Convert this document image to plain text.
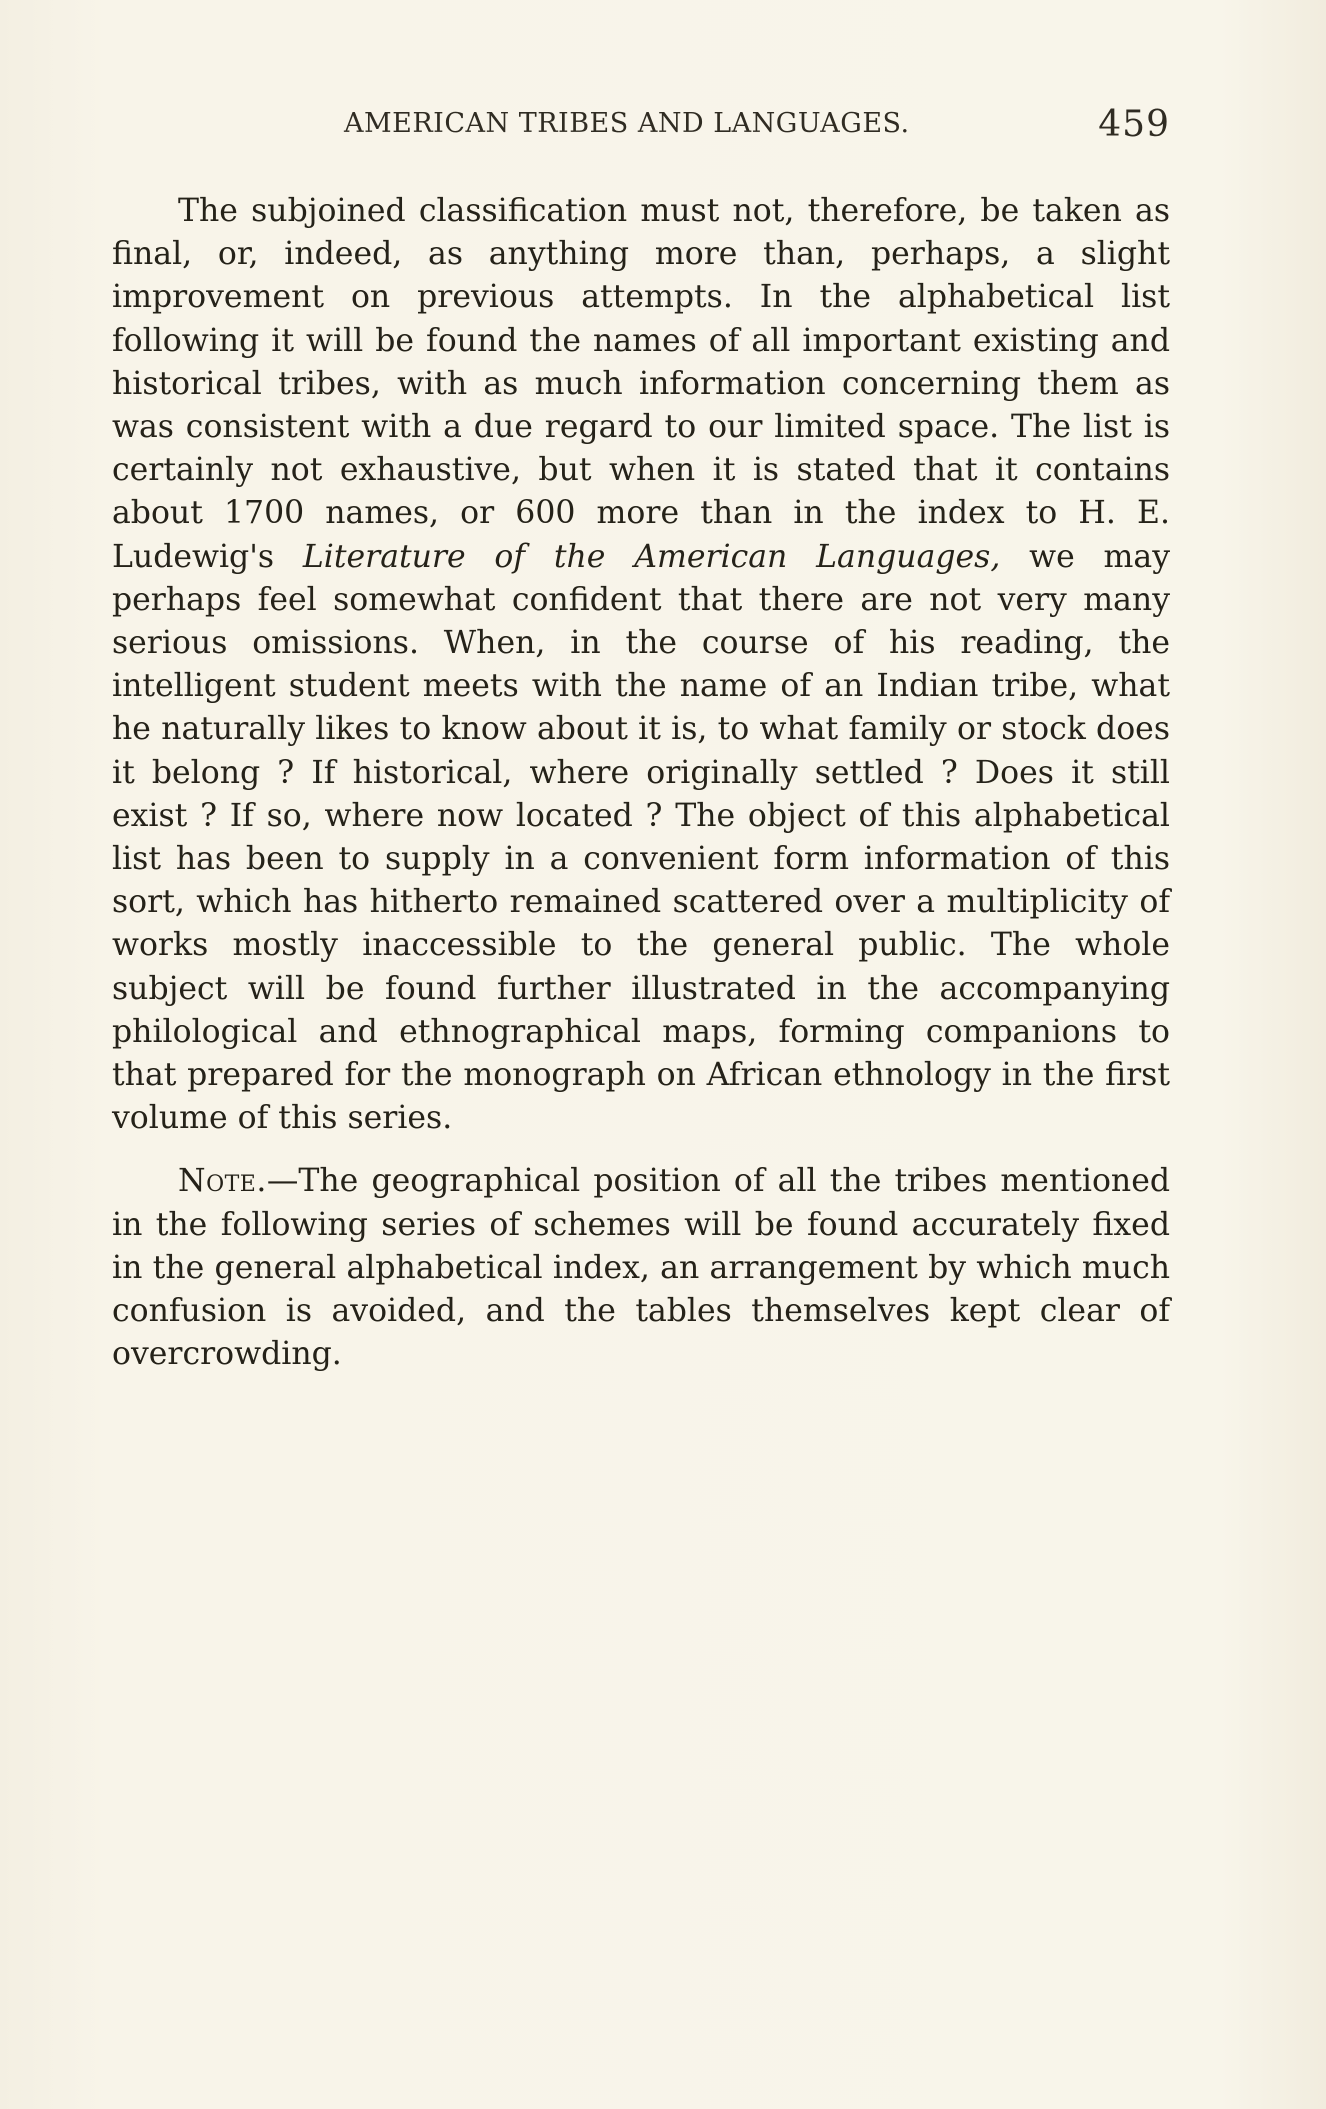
AMERICAN TRIBES AND LANGUAGES.	459

The subjoined classification must not, therefore, be taken as final, or, indeed, as anything more than, perhaps, a slight improvement on previous attempts. In the alphabetical list following it will be found the names of all important existing and historical tribes, with as much information concerning them as was consistent with a due regard to our limited space. The list is certainly not exhaustive, but when it is stated that it contains about 1700 names, or 600 more than in the index to H. E. Ludewig's Literature of the American Languages, we may perhaps feel somewhat confident that there are not very many serious omissions. When, in the course of his reading, the intelligent student meets with the name of an Indian tribe, what he naturally likes to know about it is, to what family or stock does it belong ? If historical, where originally settled ? Does it still exist ? If so, where now located ? The object of this alphabetical list has been to supply in a convenient form information of this sort, which has hitherto remained scattered over a multiplicity of works mostly inaccessible to the general public. The whole subject will be found further illustrated in the accompanying philological and ethnographical maps, forming companions to that prepared for the monograph on African ethnology in the first volume of this series.

Note.—The geographical position of all the tribes mentioned in the following series of schemes will be found accurately fixed in the general alphabetical index, an arrangement by which much confusion is avoided, and the tables themselves kept clear of overcrowding.
